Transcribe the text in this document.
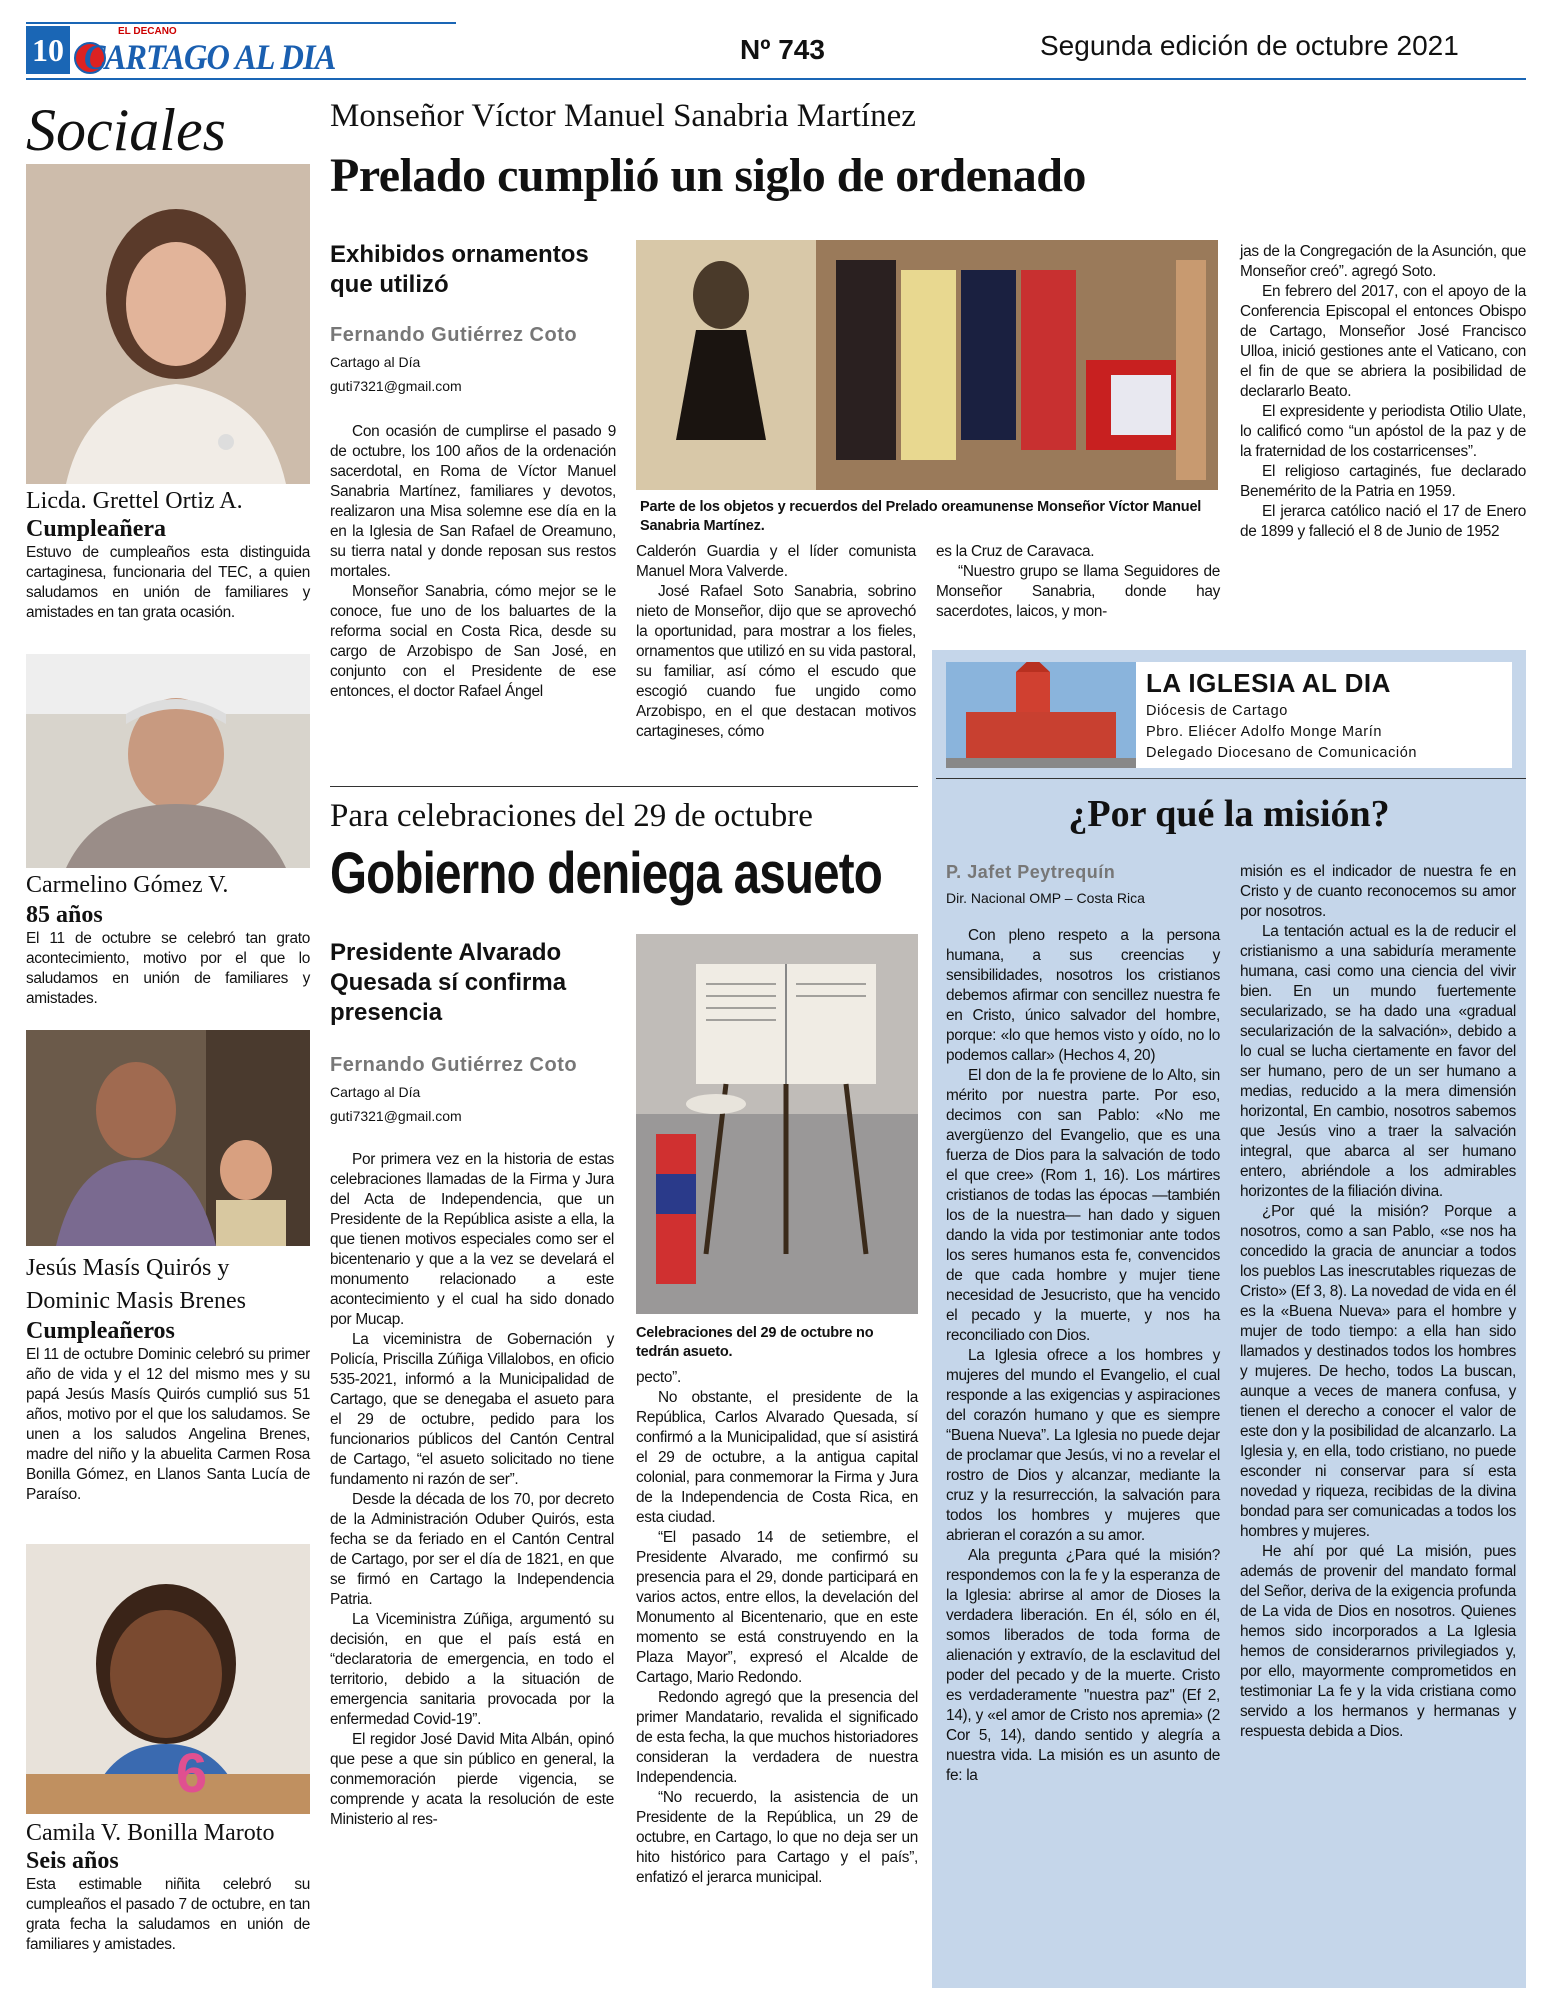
10
EL DECANO
CARTAGO AL DIA	Nº 743	Segunda edición de octubre 2021
Sociales
Licda. Grettel Ortiz A.
Cumpleañera
Estuvo de cumpleaños esta distinguida cartaginesa, funcionaria del TEC, a quien saludamos en unión de familiares y amistades en tan grata ocasión.
Carmelino Gómez V.
85 años
El 11 de octubre se celebró tan grato acontecimiento, motivo por el que lo saludamos en unión de familiares y amistades.
Jesús Masís Quirós y Dominic Masis Brenes
Cumpleañeros
El 11 de octubre Dominic celebró su primer año de vida y el 12 del mismo mes y su papá Jesús Masís Quirós cumplió sus 51 años, motivo por el que los saludamos. Se unen a los saludos Angelina Brenes, madre del niño y la abuelita Carmen Rosa Bonilla Gómez, en Llanos Santa Lucía de Paraíso.
6
Camila V. Bonilla Maroto
Seis años
Esta estimable niñita celebró su cumpleaños el pasado 7 de octubre, en tan grata fecha la saludamos en unión de familiares y amistades.
Monseñor Víctor Manuel Sanabria Martínez
Prelado cumplió un siglo de ordenado
Exhibidos ornamentos que utilizó
Fernando Gutiérrez Coto
Cartago al Día
guti7321@gmail.com

Con ocasión de cumplirse el pasado 9 de octubre, los 100 años de la ordenación sacerdotal, en Roma de Víctor Manuel Sanabria Martínez, familiares y devotos, realizaron una Misa solemne ese día en la en la Iglesia de San Rafael de Oreamuno, su tierra natal y donde reposan sus restos mortales.

Monseñor Sanabria, cómo mejor se le conoce, fue uno de los baluartes de la reforma social en Costa Rica, desde su cargo de Arzobispo de San José, en conjunto con el Presidente de ese entonces, el doctor Rafael Ángel

Parte de los objetos y recuerdos del Prelado oreamunense Monseñor Víctor Manuel Sanabria Martínez.

Calderón Guardia y el líder comunista Manuel Mora Valverde.

José Rafael Soto Sanabria, sobrino nieto de Monseñor, dijo que se aprovechó la oportunidad, para mostrar a los fieles, ornamentos que utilizó en su vida pastoral, su familiar, así cómo el escudo que escogió cuando fue ungido como Arzobispo, en el que destacan motivos cartagineses, cómo

es la Cruz de Caravaca.

“Nuestro grupo se llama Seguidores de Monseñor Sanabria, donde hay sacerdotes, laicos, y mon-

jas de la Congregación de la Asunción, que Monseñor creó”. agregó Soto.

En febrero del 2017, con el apoyo de la Conferencia Episcopal el entonces Obispo de Cartago, Monseñor José Francisco Ulloa, inició gestiones ante el Vaticano, con el fin de que se abriera la posibilidad de declararlo Beato.

El expresidente y periodista Otilio Ulate, lo calificó como “un apóstol de la paz y de la fraternidad de los costarricenses”.

El religioso cartaginés, fue declarado Benemérito de la Patria en 1959.

El jerarca católico nació el 17 de Enero de 1899 y falleció el 8 de Junio de 1952

Para celebraciones del 29 de octubre
Gobierno deniega asueto
Presidente Alvarado Quesada sí confirma presencia
Fernando Gutiérrez Coto
Cartago al Día
guti7321@gmail.com

Por primera vez en la historia de estas celebraciones llamadas de la Firma y Jura del Acta de Independencia, que un Presidente de la República asiste a ella, la que tienen motivos especiales como ser el bicentenario y que a la vez se develará el monumento relacionado a este acontecimiento y el cual ha sido donado por Mucap.

La viceministra de Gobernación y Policía, Priscilla Zúñiga Villalobos, en oficio 535-2021, informó a la Municipalidad de Cartago, que se denegaba el asueto para el 29 de octubre, pedido para los funcionarios públicos del Cantón Central de Cartago, “el asueto solicitado no tiene fundamento ni razón de ser”.

Desde la década de los 70, por decreto de la Administración Oduber Quirós, esta fecha se da feriado en el Cantón Central de Cartago, por ser el día de 1821, en que se firmó en Cartago la Independencia Patria.

La Viceministra Zúñiga, argumentó su decisión, en que el país está en “declaratoria de emergencia, en todo el territorio, debido a la situación de emergencia sanitaria provocada por la enfermedad Covid-19”.

El regidor José David Mita Albán, opinó que pese a que sin público en general, la conmemoración pierde vigencia, se comprende y acata la resolución de este Ministerio al res-

Celebraciones del 29 de octubre no tedrán asueto.

pecto”.

No obstante, el presidente de la República, Carlos Alvarado Quesada, sí confirmó a la Municipalidad, que sí asistirá el 29 de octubre, a la antigua capital colonial, para conmemorar la Firma y Jura de la Independencia de Costa Rica, en esta ciudad.

“El pasado 14 de setiembre, el Presidente Alvarado, me confirmó su presencia para el 29, donde participará en varios actos, entre ellos, la develación del Monumento al Bicentenario, que en este momento se está construyendo en la Plaza Mayor”, expresó el Alcalde de Cartago, Mario Redondo.

Redondo agregó que la presencia del primer Mandatario, revalida el significado de esta fecha, la que muchos historiadores consideran la verdadera de nuestra Independencia.

“No recuerdo, la asistencia de un Presidente de la República, un 29 de octubre, en Cartago, lo que no deja ser un hito histórico para Cartago y el país”, enfatizó el jerarca municipal.

LA IGLESIA AL DIA
Diócesis de Cartago
Pbro. Eliécer Adolfo Monge Marín
Delegado Diocesano de Comunicación
¿Por qué la misión?
P. Jafet Peytrequín
Dir. Nacional OMP – Costa Rica

Con pleno respeto a la persona humana, a sus creencias y sensibilidades, nosotros los cristianos debemos afirmar con sencillez nuestra fe en Cristo, único salvador del hombre, porque: «lo que hemos visto y oído, no lo podemos callar» (Hechos 4, 20)

El don de la fe proviene de lo Alto, sin mérito por nuestra parte. Por eso, decimos con san Pablo: «No me avergüenzo del Evangelio, que es una fuerza de Dios para la salvación de todo el que cree» (Rom 1, 16). Los mártires cristianos de todas las épocas —también los de la nuestra— han dado y siguen dando la vida por testimoniar ante todos los seres humanos esta fe, convencidos de que cada hombre y mujer tiene necesidad de Jesucristo, que ha vencido el pecado y la muerte, y nos ha reconciliado con Dios.

La Iglesia ofrece a los hombres y mujeres del mundo el Evangelio, el cual responde a las exigencias y aspiraciones del corazón humano y que es siempre “Buena Nueva”. La Iglesia no puede dejar de proclamar que Jesús, vi no a revelar el rostro de Dios y alcanzar, mediante la cruz y la resurrección, la salvación para todos los hombres y mujeres que abrieran el corazón a su amor.

Ala pregunta ¿Para qué la misión? respondemos con la fe y la esperanza de la Iglesia: abrirse al amor de Dioses la verdadera liberación. En él, sólo en él, somos liberados de toda forma de alienación y extravío, de la esclavitud del poder del pecado y de la muerte. Cristo es verdaderamente ''nuestra paz'' (Ef 2, 14), y «el amor de Cristo nos apremia» (2 Cor 5, 14), dando sentido y alegría a nuestra vida. La misión es un asunto de fe: la

misión es el indicador de nuestra fe en Cristo y de cuanto reconocemos su amor por nosotros.

La tentación actual es la de reducir el cristianismo a una sabiduría meramente humana, casi como una ciencia del vivir bien. En un mundo fuertemente secularizado, se ha dado una «gradual secularización de la salvación», debido a lo cual se lucha ciertamente en favor del ser humano, pero de un ser humano a medias, reducido a la mera dimensión horizontal, En cambio, nosotros sabemos que Jesús vino a traer la salvación integral, que abarca al ser humano entero, abriéndole a los admirables horizontes de la filiación divina.

¿Por qué la misión? Porque a nosotros, como a san Pablo, «se nos ha concedido la gracia de anunciar a todos los pueblos Las inescrutables riquezas de Cristo» (Ef 3, 8). La novedad de vida en él es la «Buena Nueva» para el hombre y mujer de todo tiempo: a ella han sido llamados y destinados todos los hombres y mujeres. De hecho, todos La buscan, aunque a veces de manera confusa, y tienen el derecho a conocer el valor de este don y la posibilidad de alcanzarlo. La Iglesia y, en ella, todo cristiano, no puede esconder ni conservar para sí esta novedad y riqueza, recibidas de la divina bondad para ser comunicadas a todos los hombres y mujeres.

He ahí por qué La misión, pues además de provenir del mandato formal del Señor, deriva de la exigencia profunda de La vida de Dios en nosotros. Quienes hemos sido incorporados a La Iglesia hemos de considerarnos privilegiados y, por ello, mayormente comprometidos en testimoniar La fe y la vida cristiana como servido a los hermanos y hermanas y respuesta debida a Dios.
